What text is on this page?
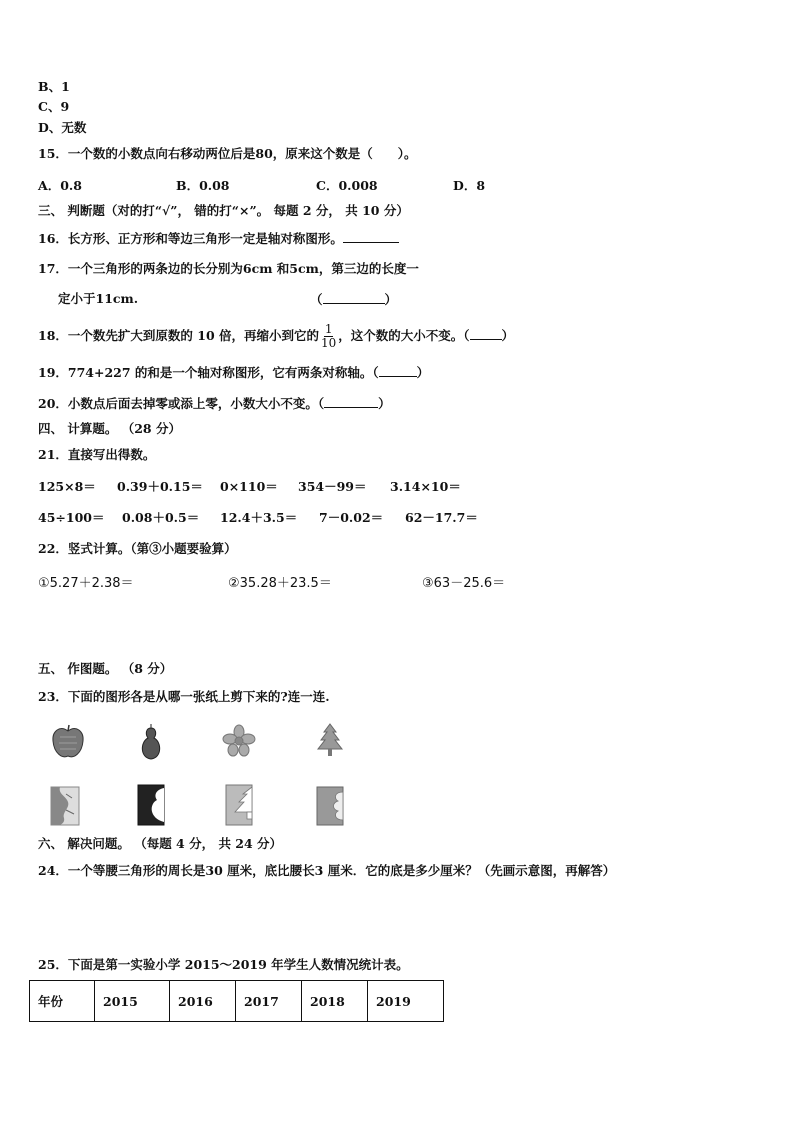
B、1
C、9
D、无数
15．一个数的小数点向右移动两位后是80，原来这个数是（　　）。
A．0.8	B．0.08	C．0.008	D．8
三、 判断题（对的打“√”， 错的打“×”。 每题 2 分， 共 10 分）
16．长方形、正方形和等边三角形一定是轴对称图形。
17．一个三角形的两条边的长分别为6cm 和5cm，第三边的长度一
定小于11cm.	（	）
18．一个数先扩大到原数的 10 倍，再缩小到它的 $\frac{1}{10}$ ，这个数的大小不变。（	）
19．774+227 的和是一个轴对称图形，它有两条对称轴。（	）
20．小数点后面去掉零或添上零，小数大小不变。（	）
四、 计算题。 （28 分）
21．直接写出得数。
125×8＝ 0.39＋0.15＝ 0×110＝ 354－99＝ 3.14×10＝
45÷100＝ 0.08＋0.5＝ 12.4＋3.5＝ 7－0.02＝ 62－17.7＝
22．竖式计算。（第③小题要验算）
①5.27＋2.38＝	②35.28＋23.5＝	③63－25.6＝
五、 作图题。 （8 分）
23．下面的图形各是从哪一张纸上剪下来的?连一连.
六、 解决问题。 （每题 4 分， 共 24 分）
24．一个等腰三角形的周长是30 厘米，底比腰长3 厘米．它的底是多少厘米？（先画示意图，再解答）
25．下面是第一实验小学 2015～2019 年学生人数情况统计表。
年份	2015	2016	2017	2018	2019
